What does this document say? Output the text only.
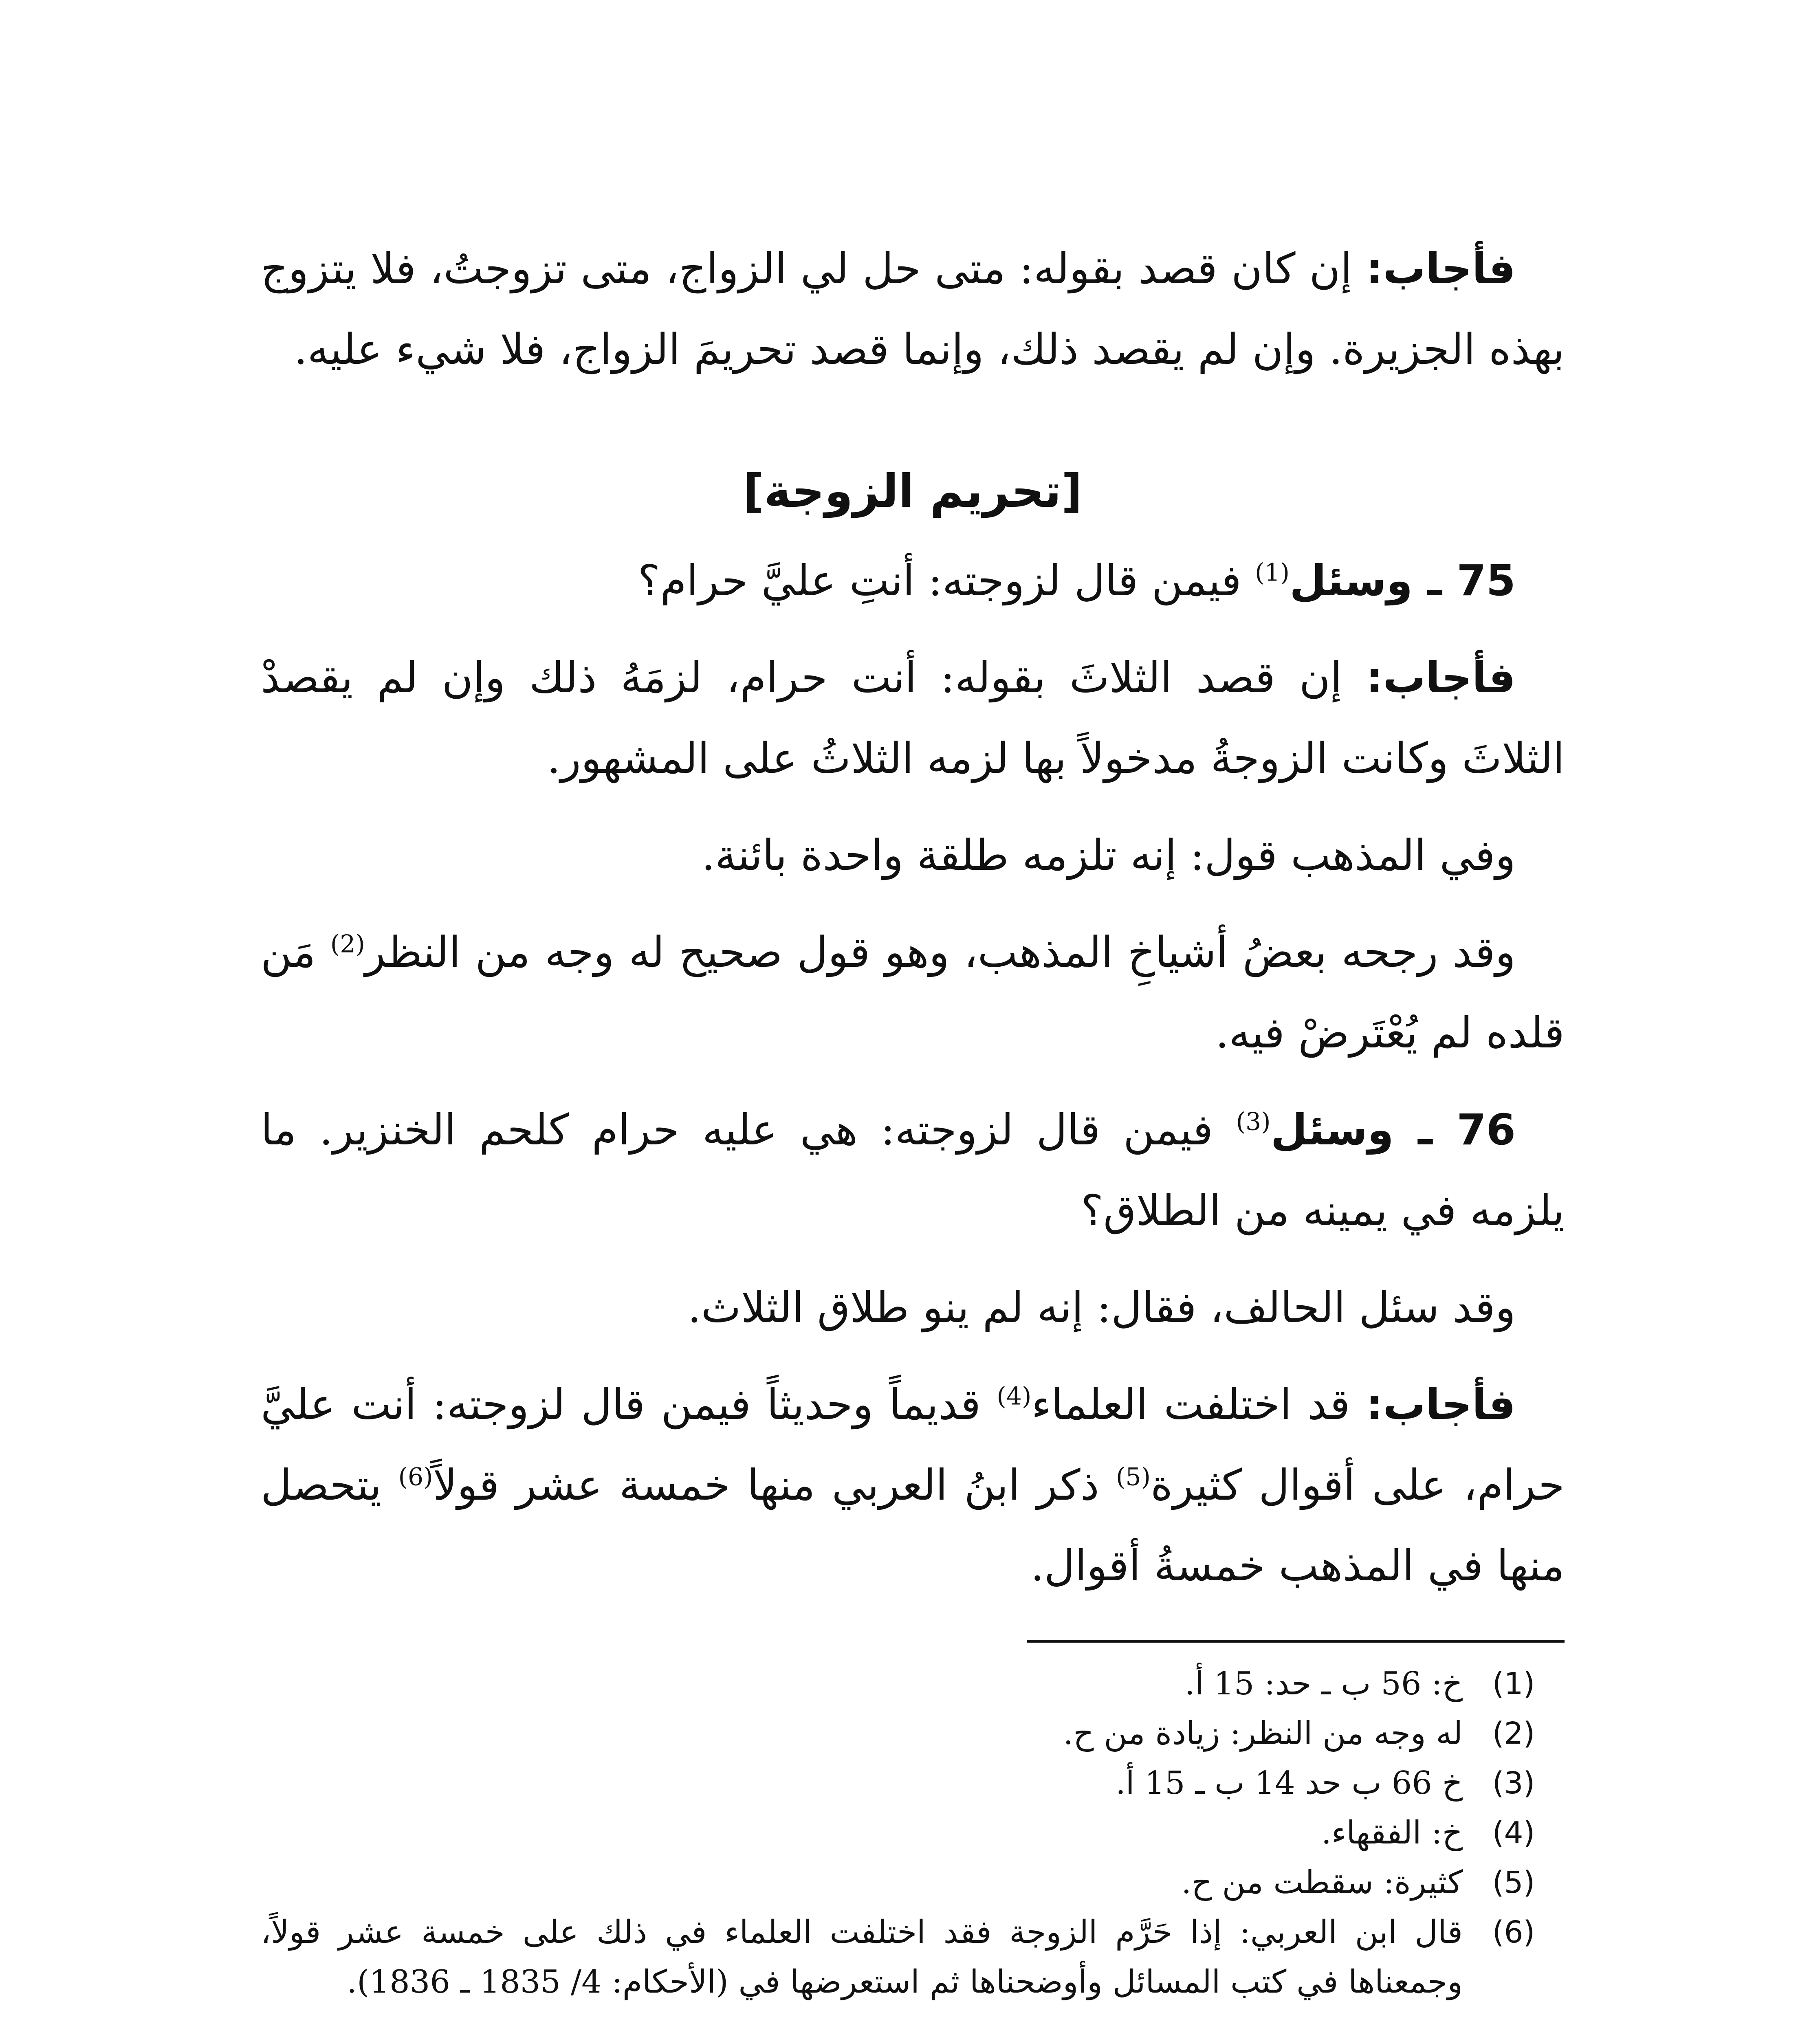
فأجاب: إن كان قصد بقوله: متى حل لي الزواج، متى تزوجتُ، فلا يتزوج بهذه الجزيرة. وإن لم يقصد ذلك، وإنما قصد تحريمَ الزواج، فلا شيء عليه.

[تحريم الزوجة]

75 ـ وسئل$^{(1)}$ فيمن قال لزوجته: أنتِ عليَّ حرام؟

فأجاب: إن قصد الثلاثَ بقوله: أنت حرام، لزمَهُ ذلك وإن لم يقصدْ الثلاثَ وكانت الزوجةُ مدخولاً بها لزمه الثلاثُ على المشهور.

وفي المذهب قول: إنه تلزمه طلقة واحدة بائنة.

وقد رجحه بعضُ أشياخِ المذهب، وهو قول صحيح له وجه من النظر$^{(2)}$ مَن قلده لم يُعْتَرضْ فيه.

76 ـ وسئل$^{(3)}$ فيمن قال لزوجته: هي عليه حرام كلحم الخنزير. ما يلزمه في يمينه من الطلاق؟

وقد سئل الحالف، فقال: إنه لم ينو طلاق الثلاث.

فأجاب: قد اختلفت العلماء$^{(4)}$ قديماً وحديثاً فيمن قال لزوجته: أنت عليَّ حرام، على أقوال كثيرة$^{(5)}$ ذكر ابنُ العربي منها خمسة عشر قولاً$^{(6)}$ يتحصل منها في المذهب خمسةُ أقوال.

(1)
خ: 56 ب ـ حد: 15 أ.
(2)
له وجه من النظر: زيادة من ح.
(3)
خ 66 ب حد 14 ب ـ 15 أ.
(4)
خ: الفقهاء.
(5)
كثيرة: سقطت من ح.
(6)
قال ابن العربي: إذا حَرَّم الزوجة فقد اختلفت العلماء في ذلك على خمسة عشر قولاً، وجمعناها في كتب المسائل وأوضحناها ثم استعرضها في (الأحكام: 4/ 1835 ـ 1836).
